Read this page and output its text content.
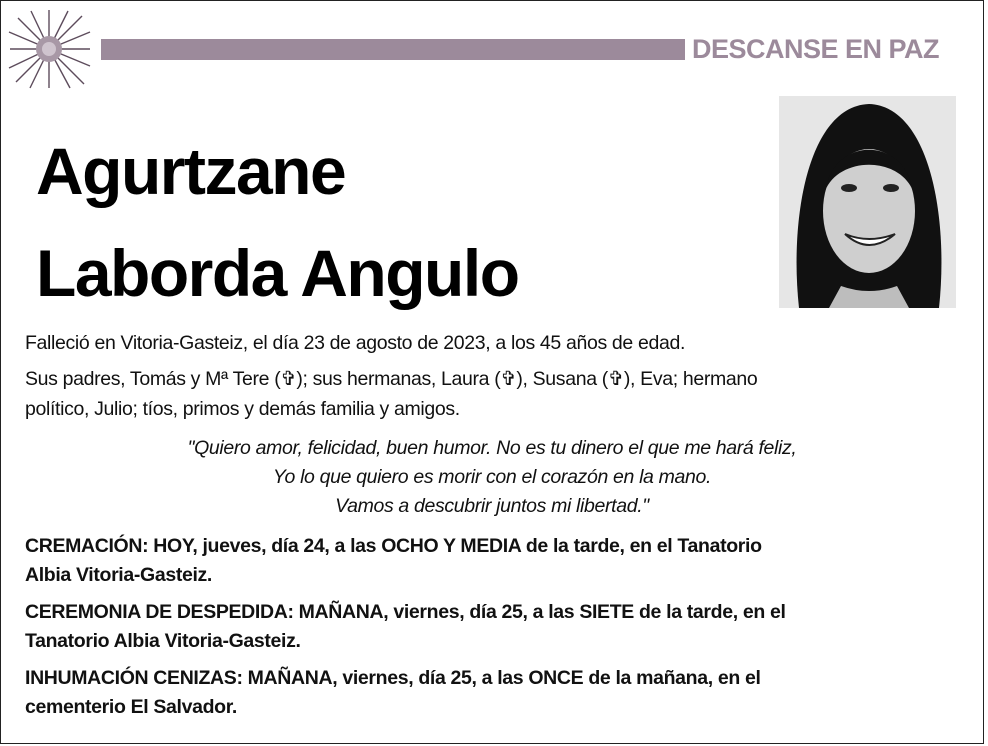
DESCANSE EN PAZ
Agurtzane
Laborda Angulo
Falleció en Vitoria-Gasteiz, el día 23 de agosto de 2023, a los 45 años de edad.
Sus padres, Tomás y Mª Tere (✞); sus hermanas, Laura (✞), Susana (✞), Eva; hermano
político, Julio; tíos, primos y demás familia y amigos.
"Quiero amor, felicidad, buen humor. No es tu dinero el que me hará feliz,
Yo lo que quiero es morir con el corazón en la mano.
Vamos a descubrir juntos mi libertad."
CREMACIÓN: HOY, jueves, día 24, a las OCHO Y MEDIA de la tarde, en el Tanatorio
Albia Vitoria-Gasteiz.
CEREMONIA DE DESPEDIDA: MAÑANA, viernes, día 25, a las SIETE de la tarde, en el
Tanatorio Albia Vitoria-Gasteiz.
INHUMACIÓN CENIZAS: MAÑANA, viernes, día 25, a las ONCE de la mañana, en el
cementerio El Salvador.
